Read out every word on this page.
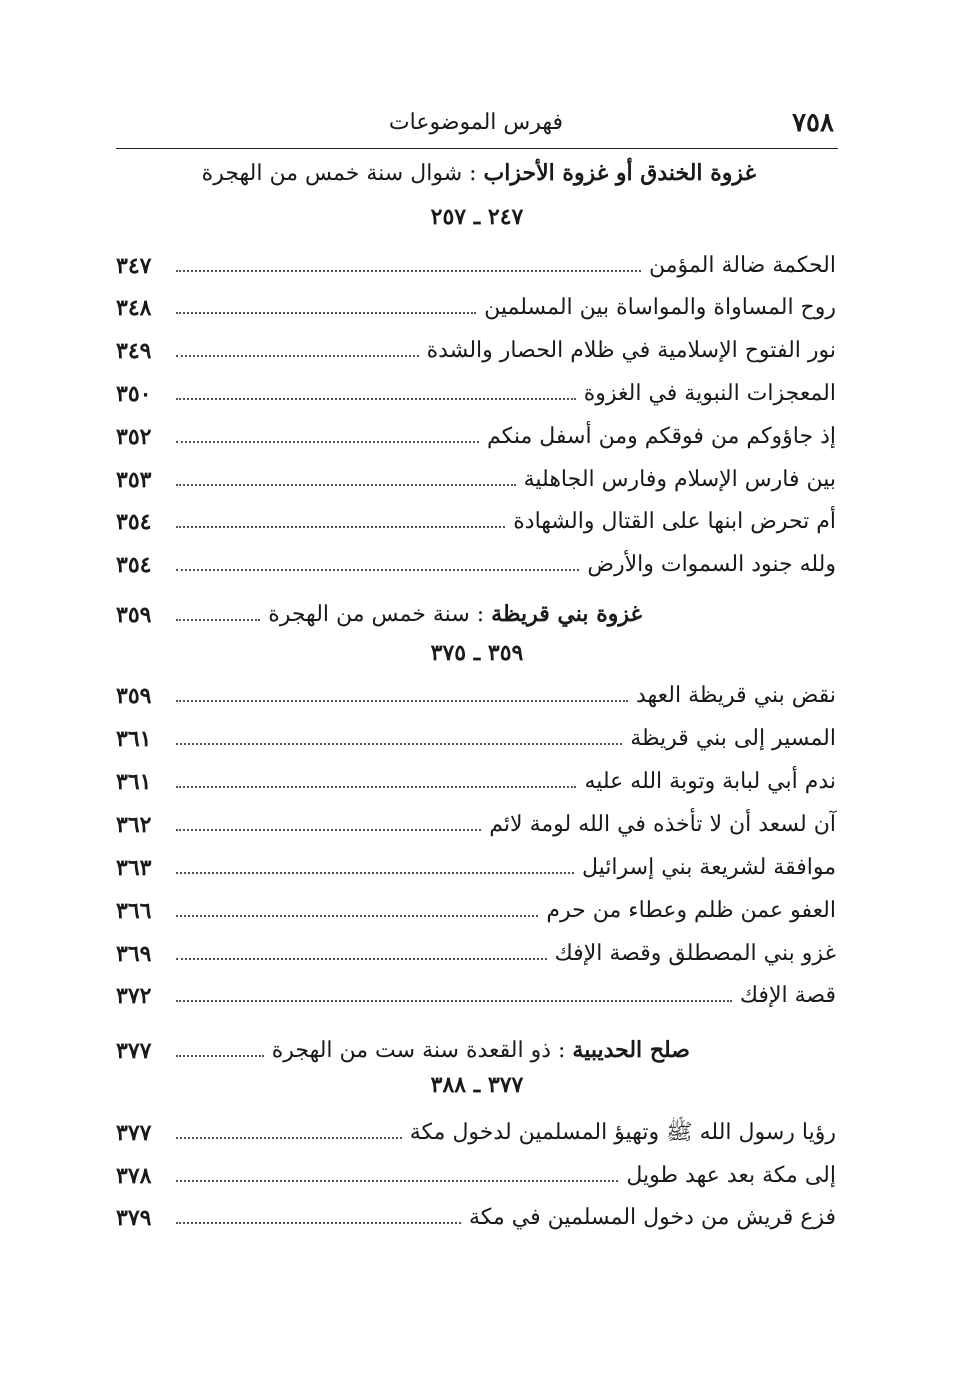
٧٥٨
فهرس الموضوعات
غزوة الخندق أو غزوة الأحزاب : شوال سنة خمس من الهجرة
٢٤٧ ـ ٢٥٧
الحكمة ضالة المؤمن
٣٤٧
روح المساواة والمواساة بين المسلمين
٣٤٨
نور الفتوح الإسلامية في ظلام الحصار والشدة
٣٤٩
المعجزات النبوية في الغزوة
٣٥٠
إذ جاؤوكم من فوقكم ومن أسفل منكم
٣٥٢
بين فارس الإسلام وفارس الجاهلية
٣٥٣
أم تحرض ابنها على القتال والشهادة
٣٥٤
ولله جنود السموات والأرض
٣٥٤
غزوة بني قريظة : سنة خمس من الهجرة
٣٥٩
٣٥٩ ـ ٣٧٥
نقض بني قريظة العهد
٣٥٩
المسير إلى بني قريظة
٣٦١
ندم أبي لبابة وتوبة الله عليه
٣٦١
آن لسعد أن لا تأخذه في الله لومة لائم
٣٦٢
موافقة لشريعة بني إسرائيل
٣٦٣
العفو عمن ظلم وعطاء من حرم
٣٦٦
غزو بني المصطلق وقصة الإفك
٣٦٩
قصة الإفك
٣٧٢
صلح الحديبية : ذو القعدة سنة ست من الهجرة
٣٧٧
٣٧٧ ـ ٣٨٨
رؤيا رسول الله ﷺ وتهيؤ المسلمين لدخول مكة
٣٧٧
إلى مكة بعد عهد طويل
٣٧٨
فزع قريش من دخول المسلمين في مكة
٣٧٩
